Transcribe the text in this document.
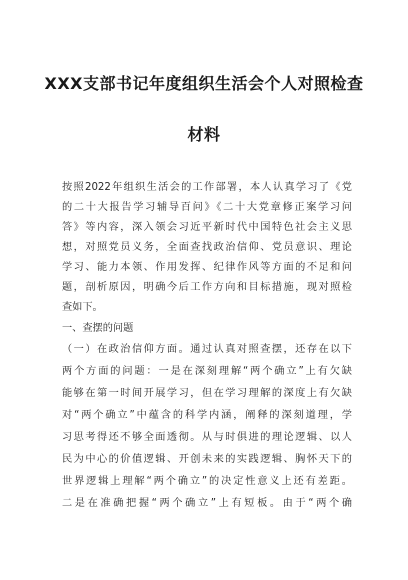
XXX支部书记年度组织生活会个人对照检查
材料
按照2022年组织生活会的工作部署，本人认真学习了《党
的二十大报告学习辅导百问》《二十大党章修正案学习问
答》等内容，深入领会习近平新时代中国特色社会主义思
想，对照党员义务，全面查找政治信仰、党员意识、理论
学习、能力本领、作用发挥、纪律作风等方面的不足和问
题，剖析原因，明确今后工作方向和目标措施，现对照检
查如下。
一、查摆的问题
（一）在政治信仰方面。通过认真对照查摆，还存在以下
两个方面的问题：一是在深刻理解“两个确立”上有欠缺
能够在第一时间开展学习，但在学习理解的深度上有欠缺
对“两个确立”中蕴含的科学内涵，阐释的深刻道理，学
习思考得还不够全面透彻。从与时俱进的理论逻辑、以人
民为中心的价值逻辑、开创未来的实践逻辑、胸怀天下的
世界逻辑上理解“两个确立”的决定性意义上还有差距。
二是在准确把握“两个确立”上有短板。由于“两个确
